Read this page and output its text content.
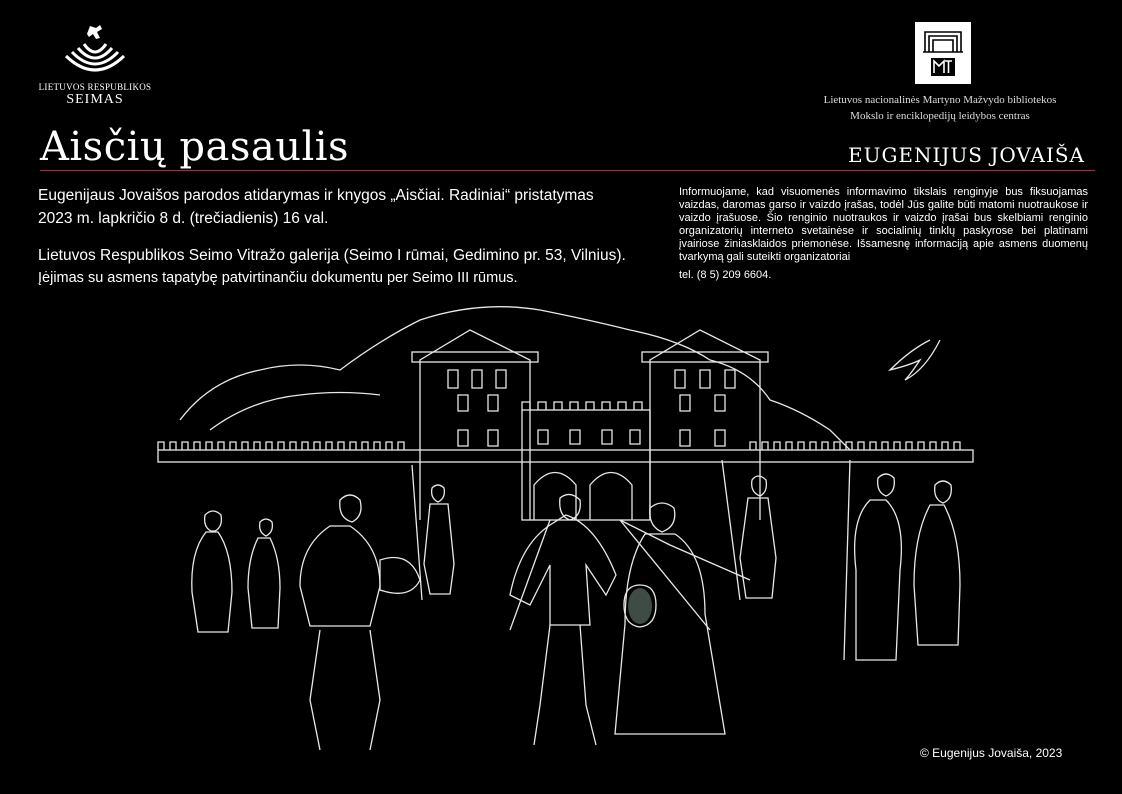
LIETUVOS RESPUBLIKOS
SEIMAS	Lietuvos nacionalinės Martyno Mažvydo bibliotekos
Mokslo ir enciklopedijų leidybos centras
Aisčių pasaulis	EUGENIJUS JOVAIŠA

Eugenijaus Jovaišos parodos atidarymas ir knygos „Aisčiai. Radiniai“ pristatymas

2023 m. lapkričio 8 d. (trečiadienis) 16 val.

Lietuvos Respublikos Seimo Vitražo galerija (Seimo I rūmai, Gedimino pr. 53, Vilnius).

Įėjimas su asmens tapatybę patvirtinančiu dokumentu per Seimo III rūmus.

Informuojame, kad visuomenės informavimo tikslais renginyje bus fiksuojamas vaizdas, daromas garso ir vaizdo įrašas, todėl Jūs galite būti matomi nuotraukose ir vaizdo įrašuose. Šio renginio nuotraukos ir vaizdo įrašai bus skelbiami renginio organizatorių interneto svetainėse ir socialinių tinklų paskyrose bei platinami įvairiose žiniasklaidos priemonėse. Išsamesnę informaciją apie asmens duomenų tvarkymą gali suteikti organizatoriai
tel. (8 5) 209 6604.
© Eugenijus Jovaiša, 2023
